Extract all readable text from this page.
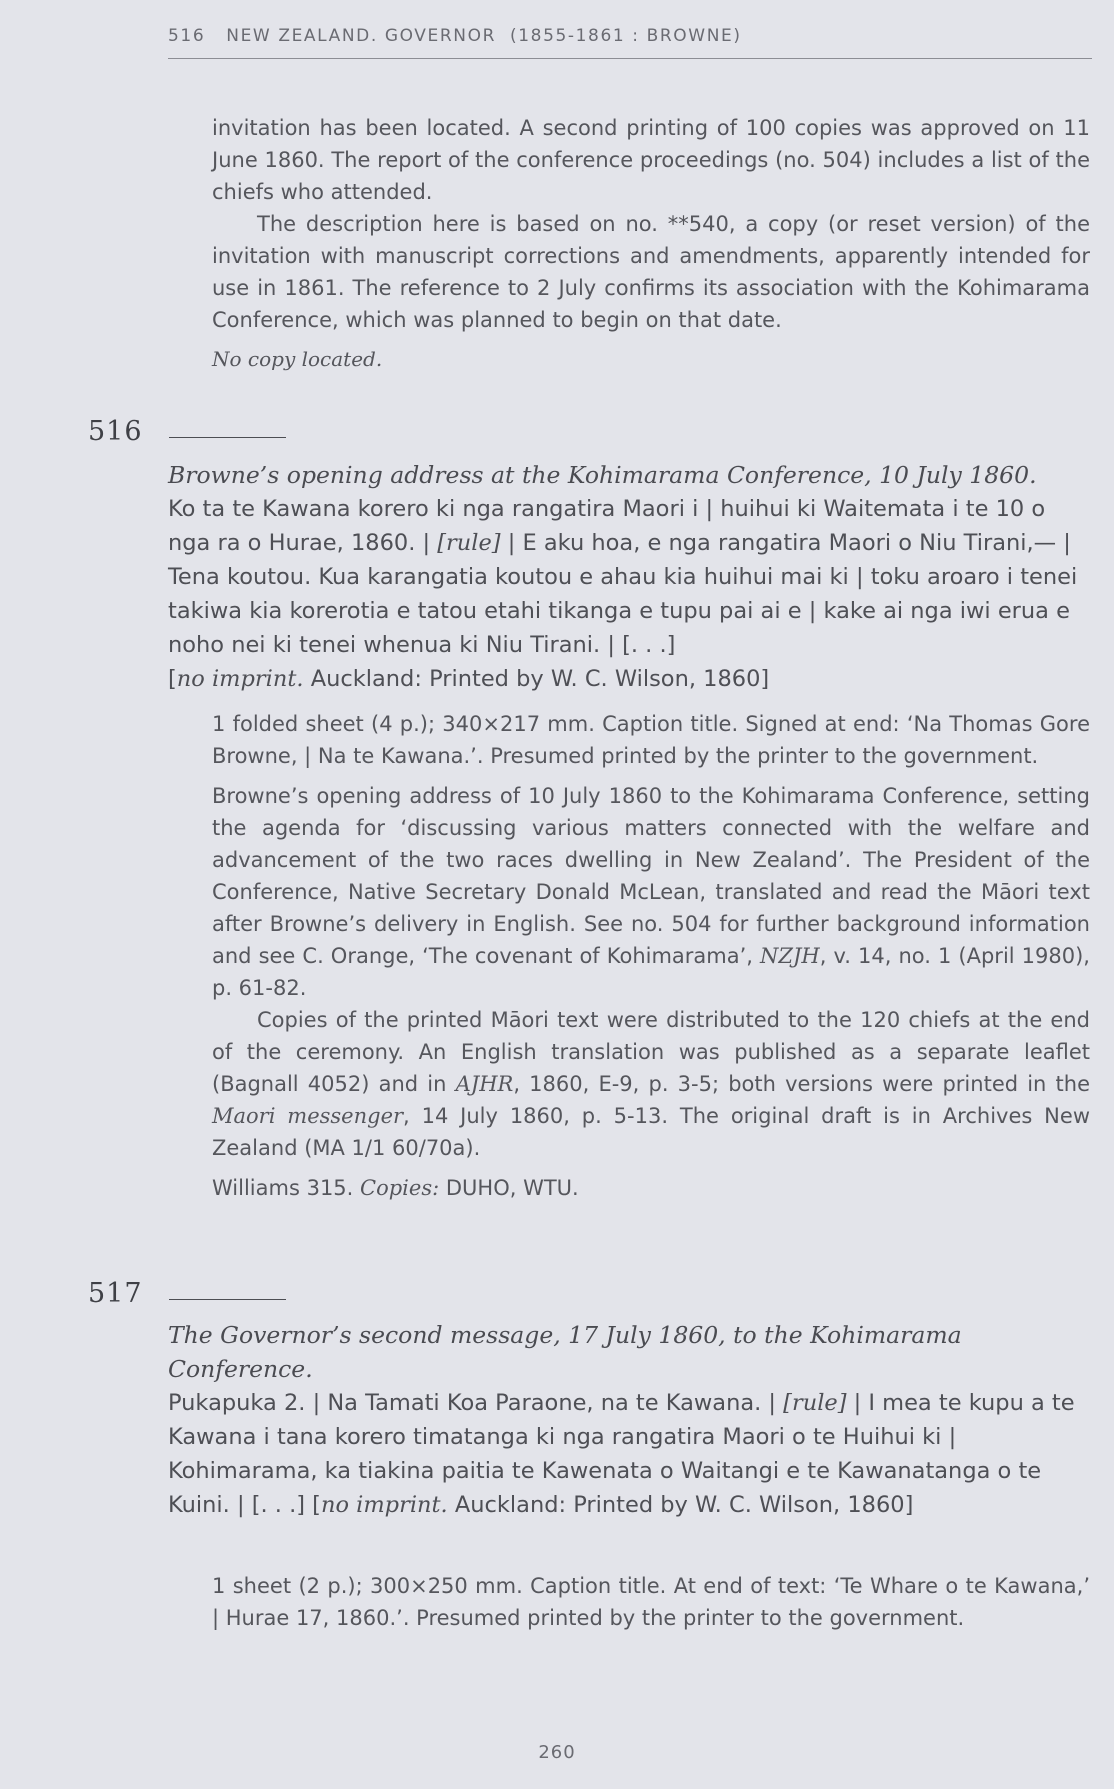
516   NEW ZEALAND. GOVERNOR  (1855-1861 : BROWNE)

invitation has been located. A second printing of 100 copies was approved on 11 June 1860. The report of the conference proceedings (no. 504) includes a list of the chiefs who attended.

The description here is based on no. **540, a copy (or reset version) of the invitation with manuscript corrections and amendments, apparently intended for use in 1861. The reference to 2 July confirms its association with the Kohimarama Conference, which was planned to begin on that date.

No copy located.

516

Browne’s opening address at the Kohimarama Conference, 10 July 1860.

Ko ta te Kawana korero ki nga rangatira Maori i | huihui ki Waitemata i te 10 o nga ra o Hurae, 1860. | [rule] | E aku hoa, e nga rangatira Maori o Niu Tirani,— | Tena koutou. Kua karangatia koutou e ahau kia huihui mai ki | toku aroaro i tenei takiwa kia korerotia e tatou etahi tikanga e tupu pai ai e | kake ai nga iwi erua e noho nei ki tenei whenua ki Niu Tirani. | [. . .]

[no imprint. Auckland: Printed by W. C. Wilson, 1860]

1 folded sheet (4 p.); 340×217 mm. Caption title. Signed at end: ‘Na Thomas Gore Browne, | Na te Kawana.’. Presumed printed by the printer to the government.

Browne’s opening address of 10 July 1860 to the Kohimarama Conference, setting the agenda for ‘discussing various matters connected with the welfare and advancement of the two races dwelling in New Zealand’. The President of the Conference, Native Secretary Donald McLean, translated and read the Māori text after Browne’s delivery in English. See no. 504 for further background information and see C. Orange, ‘The covenant of Kohimarama’, NZJH, v. 14, no. 1 (April 1980), p. 61-82.

Copies of the printed Māori text were distributed to the 120 chiefs at the end of the ceremony. An English translation was published as a separate leaflet (Bagnall 4052) and in AJHR, 1860, E-9, p. 3-5; both versions were printed in the Maori messenger, 14 July 1860, p. 5-13. The original draft is in Archives New Zealand (MA 1/1 60/70a).

Williams 315. Copies: DUHO, WTU.

517

The Governor’s second message, 17 July 1860, to the Kohimarama Conference.

Pukapuka 2. | Na Tamati Koa Paraone, na te Kawana. | [rule] | I mea te kupu a te Kawana i tana korero timatanga ki nga rangatira Maori o te Huihui ki | Kohimarama, ka tiakina paitia te Kawenata o Waitangi e te Kawanatanga o te Kuini. | [. . .] [no imprint. Auckland: Printed by W. C. Wilson, 1860]

1 sheet (2 p.); 300×250 mm. Caption title. At end of text: ‘Te Whare o te Kawana,’ | Hurae 17, 1860.’. Presumed printed by the printer to the government.

260
